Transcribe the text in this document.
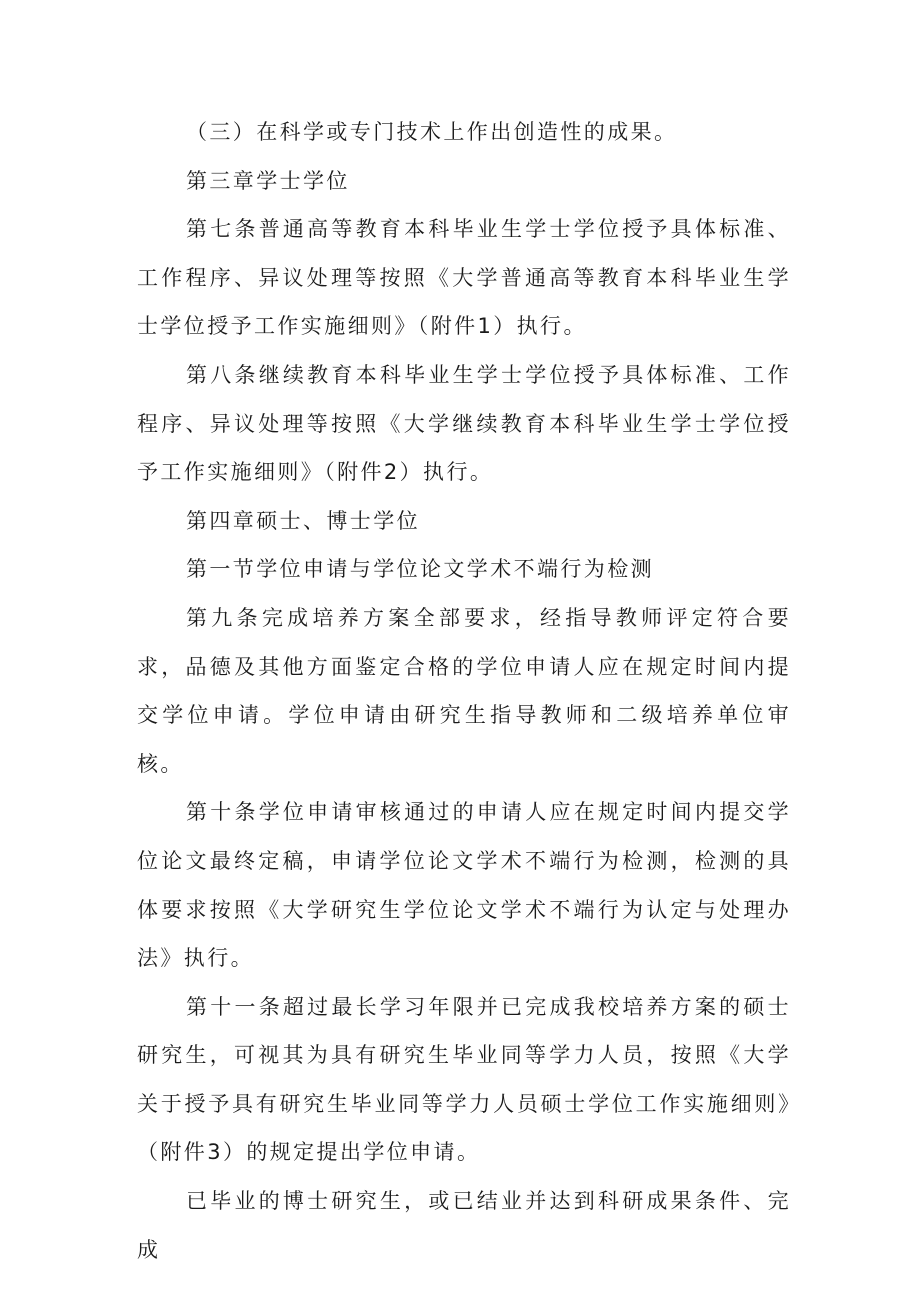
（三）在科学或专门技术上作出创造性的成果。

第三章学士学位

第七条普通高等教育本科毕业生学士学位授予具体标准、工作程序、异议处理等按照《大学普通高等教育本科毕业生学士学位授予工作实施细则》（附件1）执行。

第八条继续教育本科毕业生学士学位授予具体标准、工作程序、异议处理等按照《大学继续教育本科毕业生学士学位授予工作实施细则》（附件2）执行。

第四章硕士、博士学位

第一节学位申请与学位论文学术不端行为检测

第九条完成培养方案全部要求，经指导教师评定符合要求，品德及其他方面鉴定合格的学位申请人应在规定时间内提交学位申请。学位申请由研究生指导教师和二级培养单位审核。

第十条学位申请审核通过的申请人应在规定时间内提交学位论文最终定稿，申请学位论文学术不端行为检测，检测的具体要求按照《大学研究生学位论文学术不端行为认定与处理办法》执行。

第十一条超过最长学习年限并已完成我校培养方案的硕士研究生，可视其为具有研究生毕业同等学力人员，按照《大学关于授予具有研究生毕业同等学力人员硕士学位工作实施细则》（附件3）的规定提出学位申请。

已毕业的博士研究生，或已结业并达到科研成果条件、完成
